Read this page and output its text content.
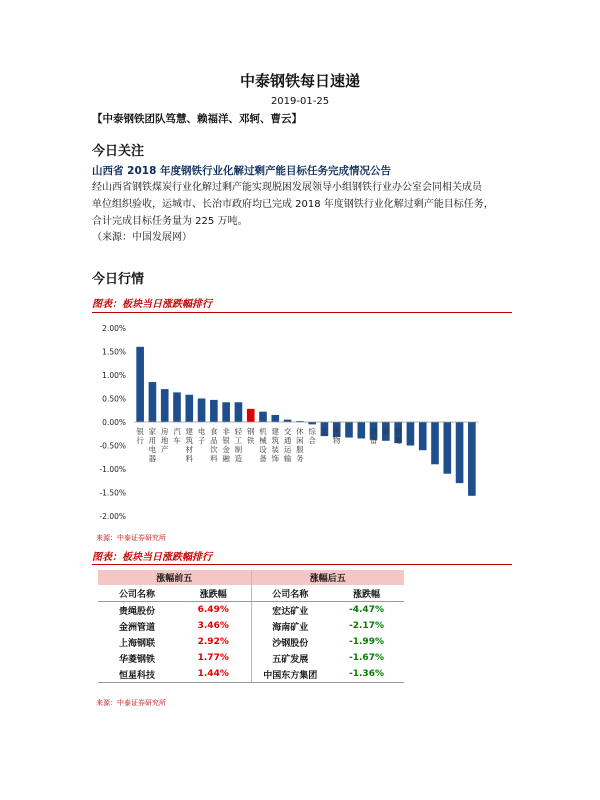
中泰钢铁每日速递
2019-01-25
【中泰钢铁团队笃慧、赖福洋、邓轲、曹云】
今日关注
山西省 2018 年度钢铁行业化解过剩产能目标任务完成情况公告
经山西省钢铁煤炭行业化解过剩产能实现脱困发展领导小组钢铁行业办公室会同相关成员
单位组织验收，运城市、长治市政府均已完成 2018 年度钢铁行业化解过剩产能目标任务，
合计完成目标任务量为 225 万吨。
（来源：中国发展网）
今日行情
图表：板块当日涨跌幅排行
2.00%
1.50%
1.00%
0.50%
0.00%
-0.50%
-1.00%
-1.50%
-2.00%
银行
家用电器
房地产
汽车
建筑材料
电子
食品饮料
非银金融
轻工制造
钢铁
机械设备
建筑装饰
交通运输
休闲服务
综合
工 生物
设备
业 贸易
来源：中泰证券研究所
图表：板块当日涨跌幅排行
涨幅前五		涨幅后五	
公司名称	涨跌幅	公司名称	涨跌幅
贵绳股份	6.49%	宏达矿业	-4.47%
金洲管道	3.46%	海南矿业	-2.17%
上海钢联	2.92%	沙钢股份	-1.99%
华菱钢铁	1.77%	五矿发展	-1.67%
恒星科技	1.44%	中国东方集团	-1.36%
来源：中泰证券研究所
